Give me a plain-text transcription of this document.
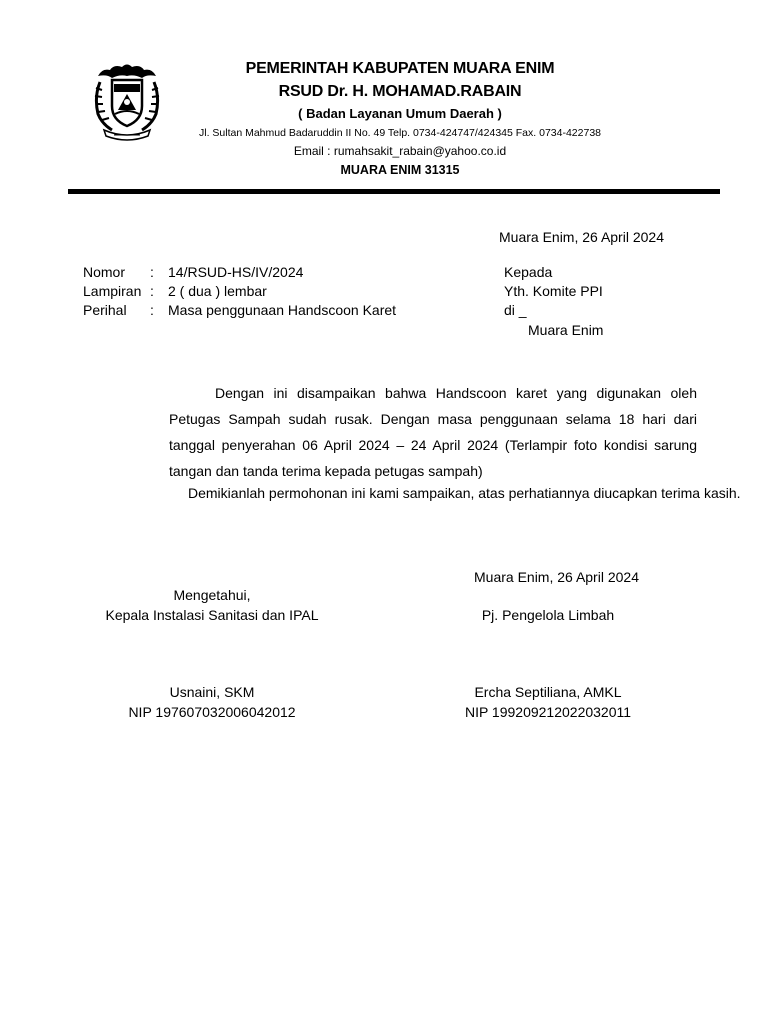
PEMERINTAH KABUPATEN MUARA ENIM
RSUD Dr. H. MOHAMAD.RABAIN
( Badan Layanan Umum Daerah )
Jl. Sultan Mahmud Badaruddin II No. 49 Telp. 0734-424747/424345 Fax. 0734-422738
Email : rumahsakit_rabain@yahoo.co.id
MUARA ENIM 31315
Muara Enim, 26 April 2024
Nomor : 14/RSUD-HS/IV/2024
Lampiran : 2 ( dua ) lembar
Perihal : Masa penggunaan Handscoon Karet
Kepada
Yth. Komite PPI
di _
Muara Enim
Dengan ini disampaikan bahwa Handscoon karet yang digunakan oleh Petugas Sampah sudah rusak. Dengan masa penggunaan selama 18 hari dari tanggal penyerahan 06 April 2024 – 24 April 2024 (Terlampir foto kondisi sarung tangan dan tanda terima kepada petugas sampah)
Demikianlah permohonan ini kami sampaikan, atas perhatiannya diucapkan terima kasih.
Muara Enim, 26 April 2024
Mengetahui,
Kepala Instalasi Sanitasi dan IPAL
Usnaini, SKM
NIP 197607032006042012
Pj. Pengelola Limbah
Ercha Septiliana, AMKL
NIP 199209212022032011
